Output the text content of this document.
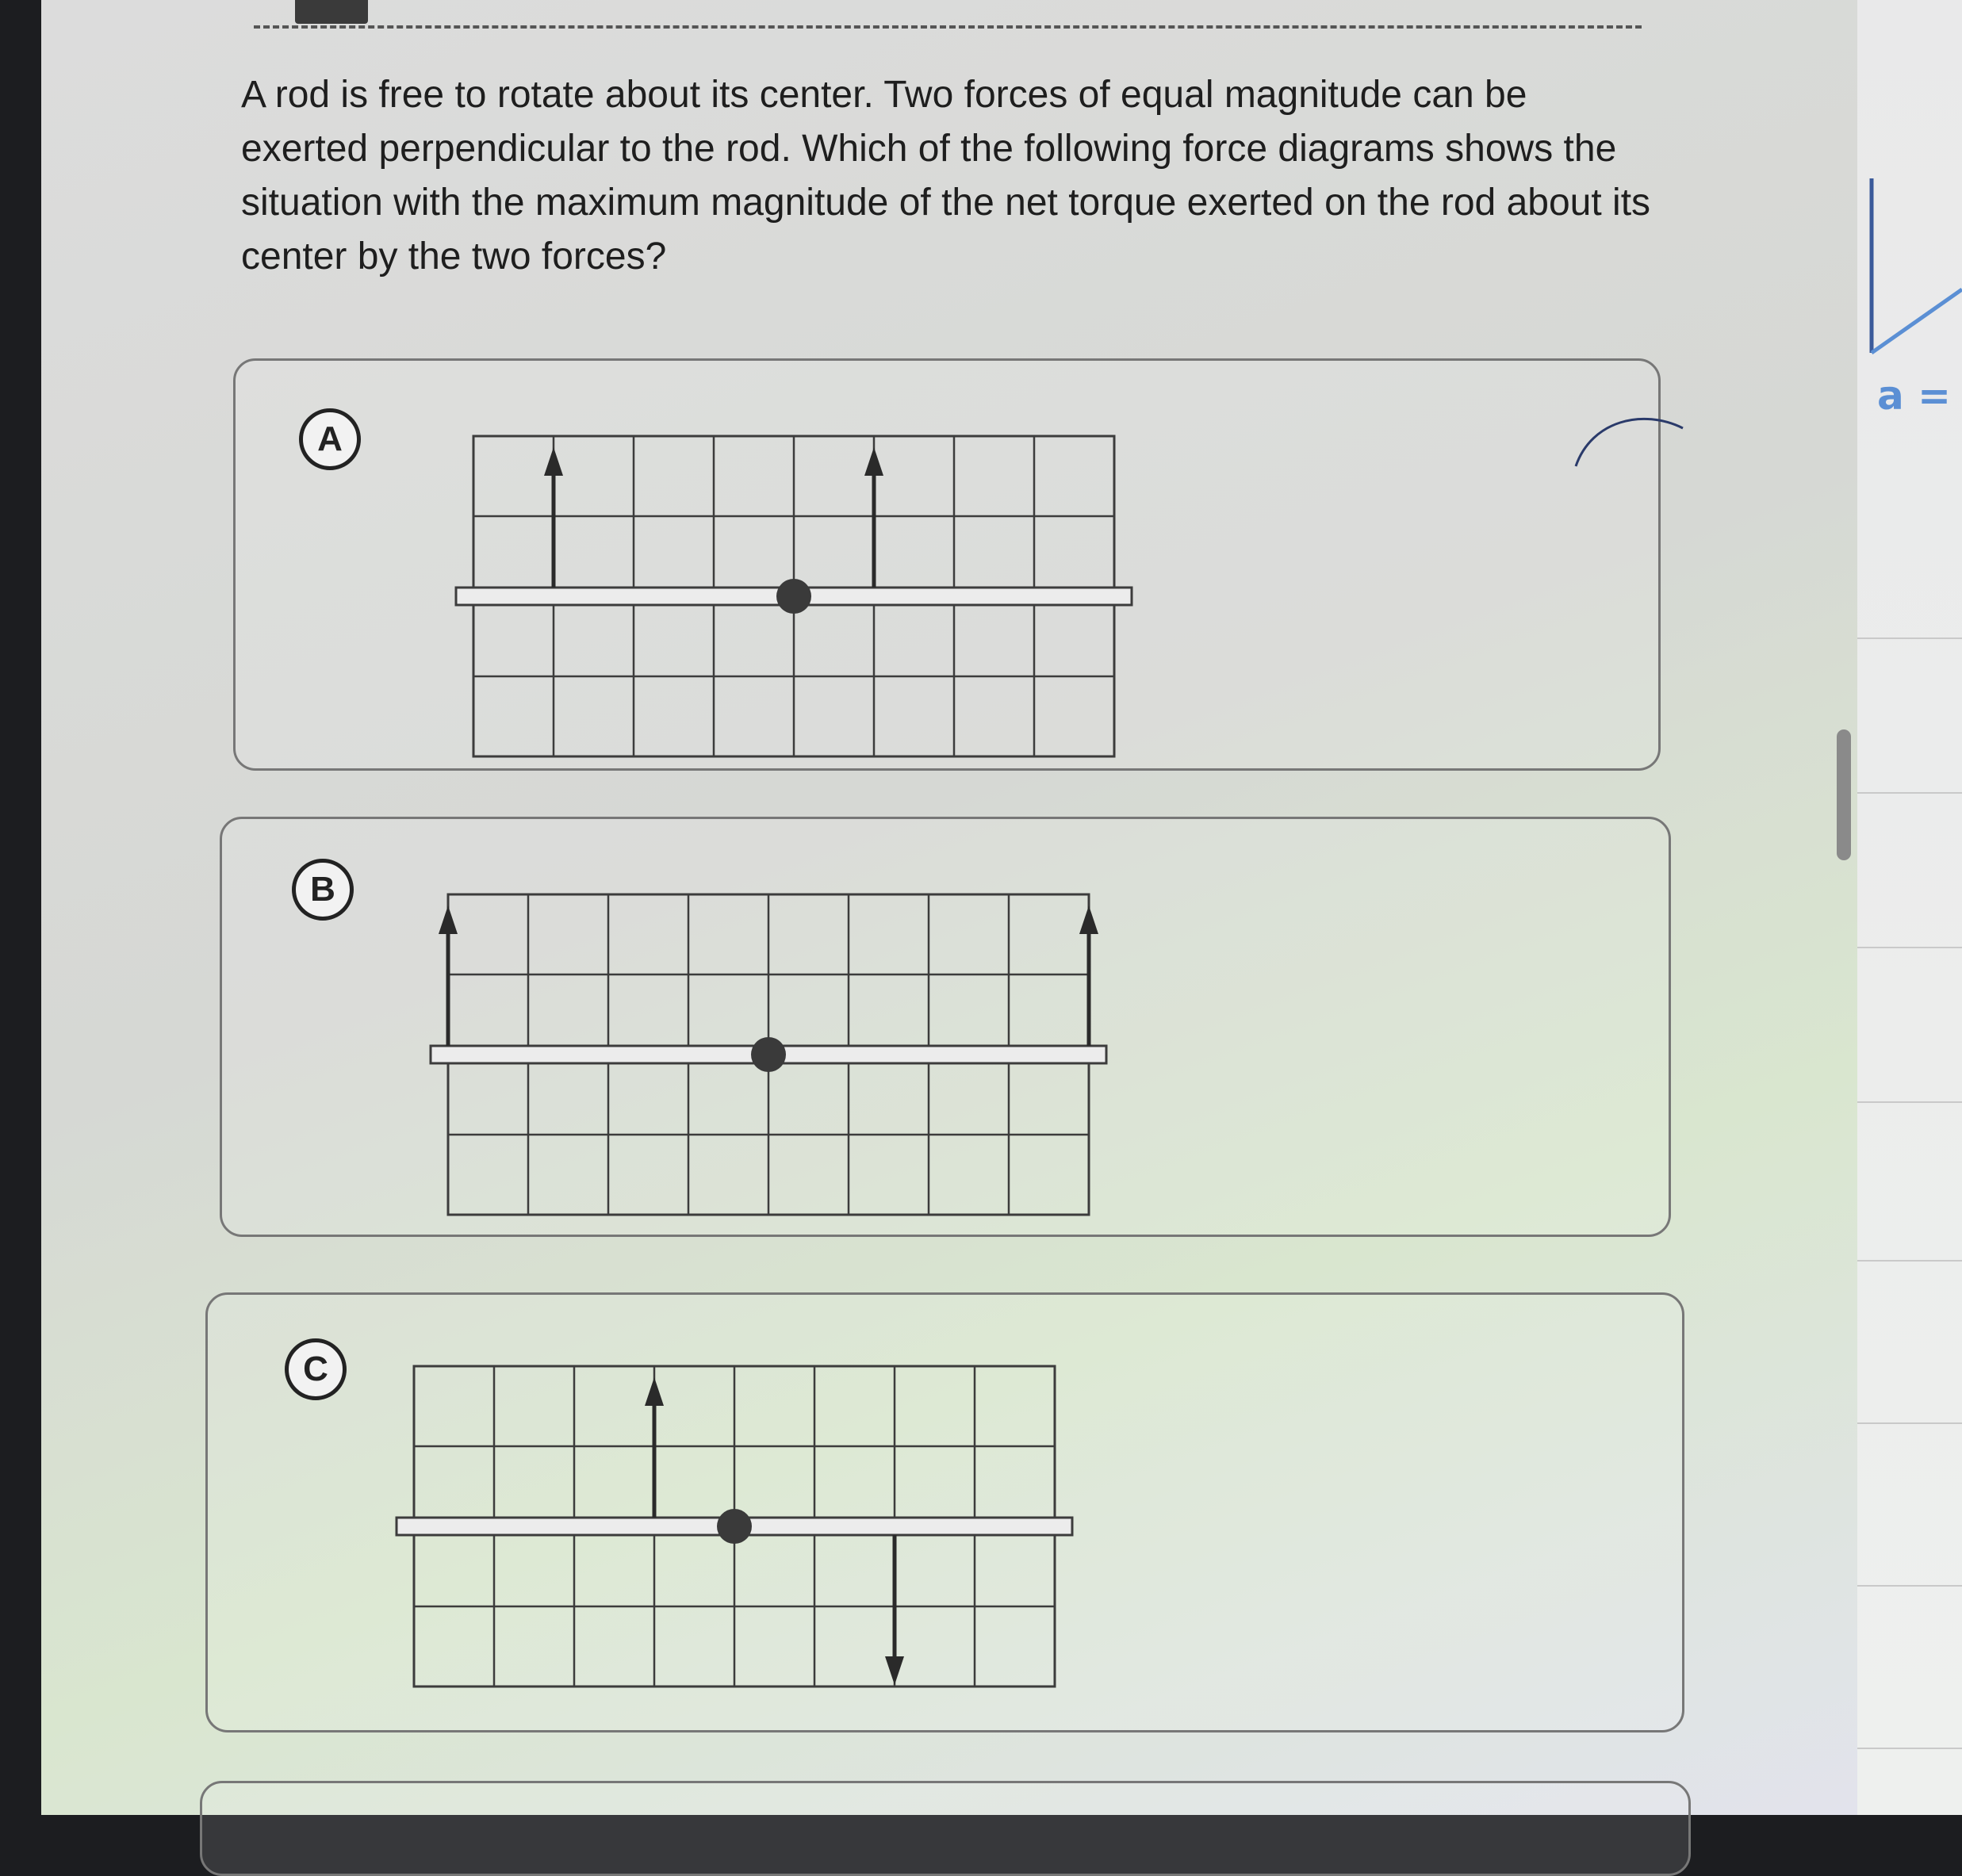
A rod is free to rotate about its center. Two forces of equal magnitude can be exerted perpendicular to the rod. Which of the following force diagrams shows the situation with the maximum magnitude of the net torque exerted on the rod about its center by the two forces?

A
B
C
a =
